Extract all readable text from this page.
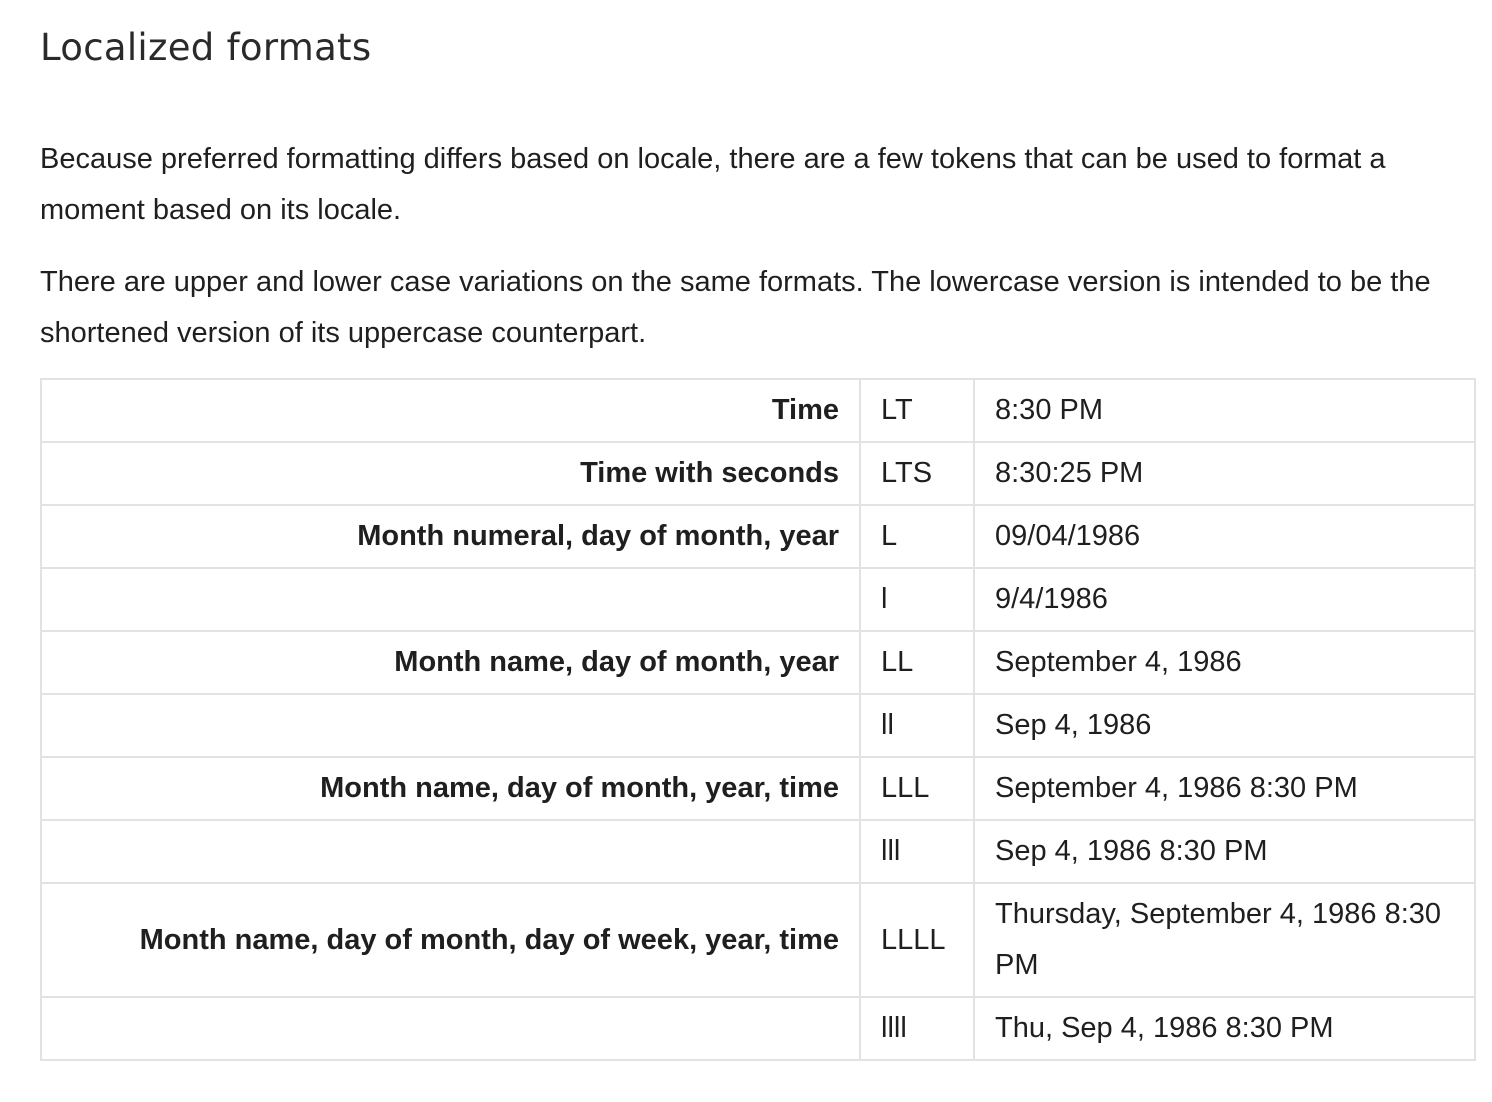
Localized formats

Because preferred formatting differs based on locale, there are a few tokens that can be used to format a moment based on its locale.

There are upper and lower case variations on the same formats. The lowercase version is intended to be the shortened version of its uppercase counterpart.

Time	LT	8:30 PM
Time with seconds	LTS	8:30:25 PM
Month numeral, day of month, year	L	09/04/1986
	l	9/4/1986
Month name, day of month, year	LL	September 4, 1986
	ll	Sep 4, 1986
Month name, day of month, year, time	LLL	September 4, 1986 8:30 PM
	lll	Sep 4, 1986 8:30 PM
Month name, day of month, day of week, year, time	LLLL	Thursday, September 4, 1986 8:30 PM
	llll	Thu, Sep 4, 1986 8:30 PM
